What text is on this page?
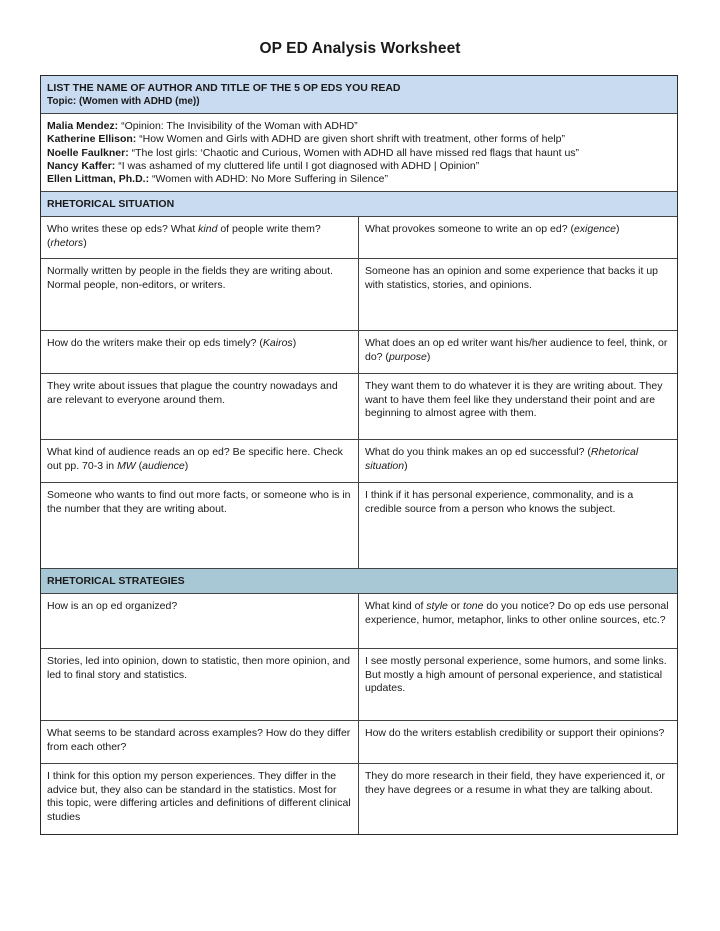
OP ED Analysis Worksheet
LIST THE NAME OF AUTHOR AND TITLE OF THE 5 OP EDS YOU READ
Topic: (Women with ADHD (me))
Malia Mendez: “Opinion: The Invisibility of the Woman with ADHD”
Katherine Ellison: “How Women and Girls with ADHD are given short shrift with treatment, other forms of help”
Noelle Faulkner: “The lost girls: ‘Chaotic and Curious, Women with ADHD all have missed red flags that haunt us”
Nancy Kaffer: “I was ashamed of my cluttered life until I got diagnosed with ADHD | Opinion”
Ellen Littman, Ph.D.: “Women with ADHD: No More Suffering in Silence”
RHETORICAL SITUATION
Who writes these op eds? What kind of people write them? (rhetors)
What provokes someone to write an op ed? (exigence)
Normally written by people in the fields they are writing about. Normal people, non-editors, or writers.
Someone has an opinion and some experience that backs it up with statistics, stories, and opinions.
How do the writers make their op eds timely? (Kairos)	What does an op ed writer want his/her audience to feel, think, or do? (purpose)
They write about issues that plague the country nowadays and are relevant to everyone around them.
They want them to do whatever it is they are writing about. They want to have them feel like they understand their point and are beginning to almost agree with them.
What kind of audience reads an op ed? Be specific here. Check out pp. 70-3 in MW (audience)
What do you think makes an op ed successful? (Rhetorical situation)
Someone who wants to find out more facts, or someone who is in the number that they are writing about.
I think if it has personal experience, commonality, and is a credible source from a person who knows the subject.
RHETORICAL STRATEGIES
How is an op ed organized?	What kind of style or tone do you notice? Do op eds use personal experience, humor, metaphor, links to other online sources, etc.?
Stories, led into opinion, down to statistic, then more opinion, and led to final story and statistics.
I see mostly personal experience, some humors, and some links. But mostly a high amount of personal experience, and statistical updates.
What seems to be standard across examples? How do they differ from each other?
How do the writers establish credibility or support their opinions?
I think for this option my person experiences. They differ in the advice but, they also can be standard in the statistics. Most for this topic, were differing articles and definitions of different clinical studies
They do more research in their field, they have experienced it, or they have degrees or a resume in what they are talking about.
